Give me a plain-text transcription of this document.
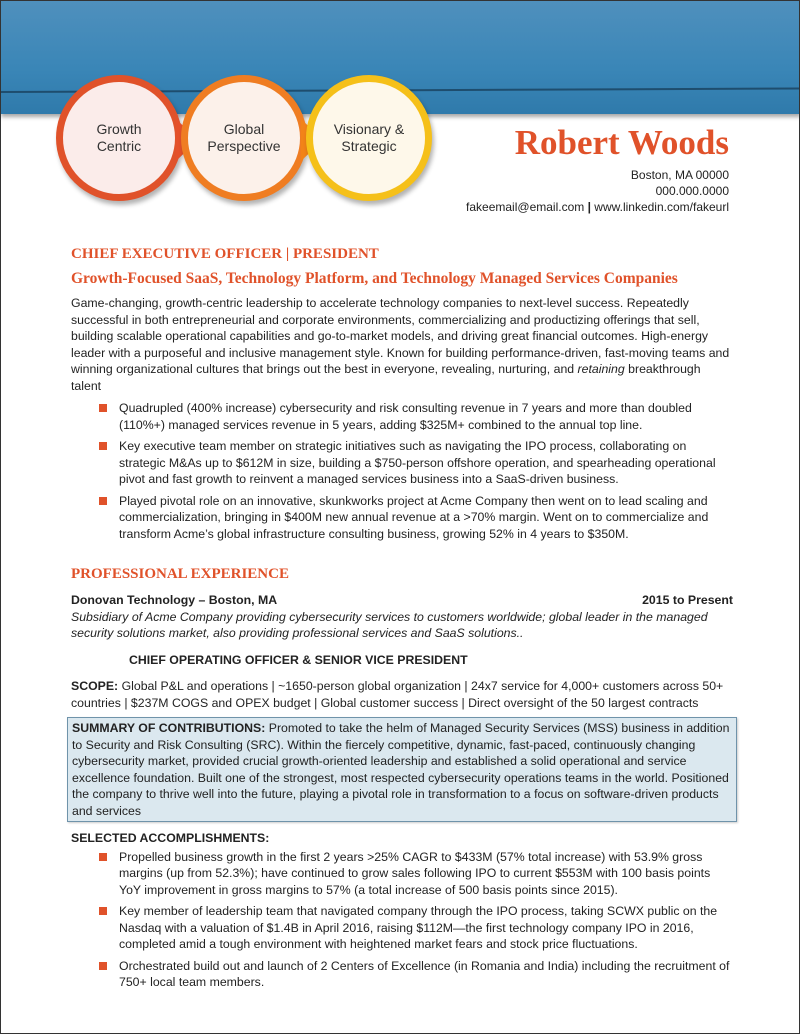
Growth
Centric
Global
Perspective
Visionary &
Strategic	Robert Woods
Boston, MA 00000
000.000.0000
fakeemail@email.com | www.linkedin.com/fakeurl
CHIEF EXECUTIVE OFFICER | PRESIDENT
Growth-Focused SaaS, Technology Platform, and Technology Managed Services Companies

Game-changing, growth-centric leadership to accelerate technology companies to next-level success. Repeatedly successful in both entrepreneurial and corporate environments, commercializing and productizing offerings that sell, building scalable operational capabilities and go-to-market models, and driving great financial outcomes. High-energy leader with a purposeful and inclusive management style. Known for building performance-driven, fast-moving teams and winning organizational cultures that brings out the best in everyone, revealing, nurturing, and retaining breakthrough talent

Quadrupled (400% increase) cybersecurity and risk consulting revenue in 7 years and more than doubled (110%+) managed services revenue in 5 years, adding $325M+ combined to the annual top line.
Key executive team member on strategic initiatives such as navigating the IPO process, collaborating on strategic M&As up to $612M in size, building a $750-person offshore operation, and spearheading operational pivot and fast growth to reinvent a managed services business into a SaaS-driven business.
Played pivotal role on an innovative, skunkworks project at Acme Company then went on to lead scaling and commercialization, bringing in $400M new annual revenue at a >70% margin. Went on to commercialize and transform Acme’s global infrastructure consulting business, growing 52% in 4 years to $350M.
PROFESSIONAL EXPERIENCE
Donovan Technology – Boston, MA	2015 to Present

Subsidiary of Acme Company providing cybersecurity services to customers worldwide; global leader in the managed security solutions market, also providing professional services and SaaS solutions..

CHIEF OPERATING OFFICER & SENIOR VICE PRESIDENT

SCOPE: Global P&L and operations | ~1650-person global organization | 24x7 service for 4,000+ customers across 50+ countries | $237M COGS and OPEX budget | Global customer success | Direct oversight of the 50 largest contracts

SUMMARY OF CONTRIBUTIONS: Promoted to take the helm of Managed Security Services (MSS) business in addition to Security and Risk Consulting (SRC). Within the fiercely competitive, dynamic, fast-paced, continuously changing cybersecurity market, provided crucial growth-oriented leadership and established a solid operational and service excellence foundation. Built one of the strongest, most respected cybersecurity operations teams in the world. Positioned the company to thrive well into the future, playing a pivotal role in transformation to a focus on software-driven products and services
SELECTED ACCOMPLISHMENTS:
Propelled business growth in the first 2 years >25% CAGR to $433M (57% total increase) with 53.9% gross margins (up from 52.3%); have continued to grow sales following IPO to current $553M with 100 basis points YoY improvement in gross margins to 57% (a total increase of 500 basis points since 2015).
Key member of leadership team that navigated company through the IPO process, taking SCWX public on the Nasdaq with a valuation of $1.4B in April 2016, raising $112M—the first technology company IPO in 2016, completed amid a tough environment with heightened market fears and stock price fluctuations.
Orchestrated build out and launch of 2 Centers of Excellence (in Romania and India) including the recruitment of 750+ local team members.
